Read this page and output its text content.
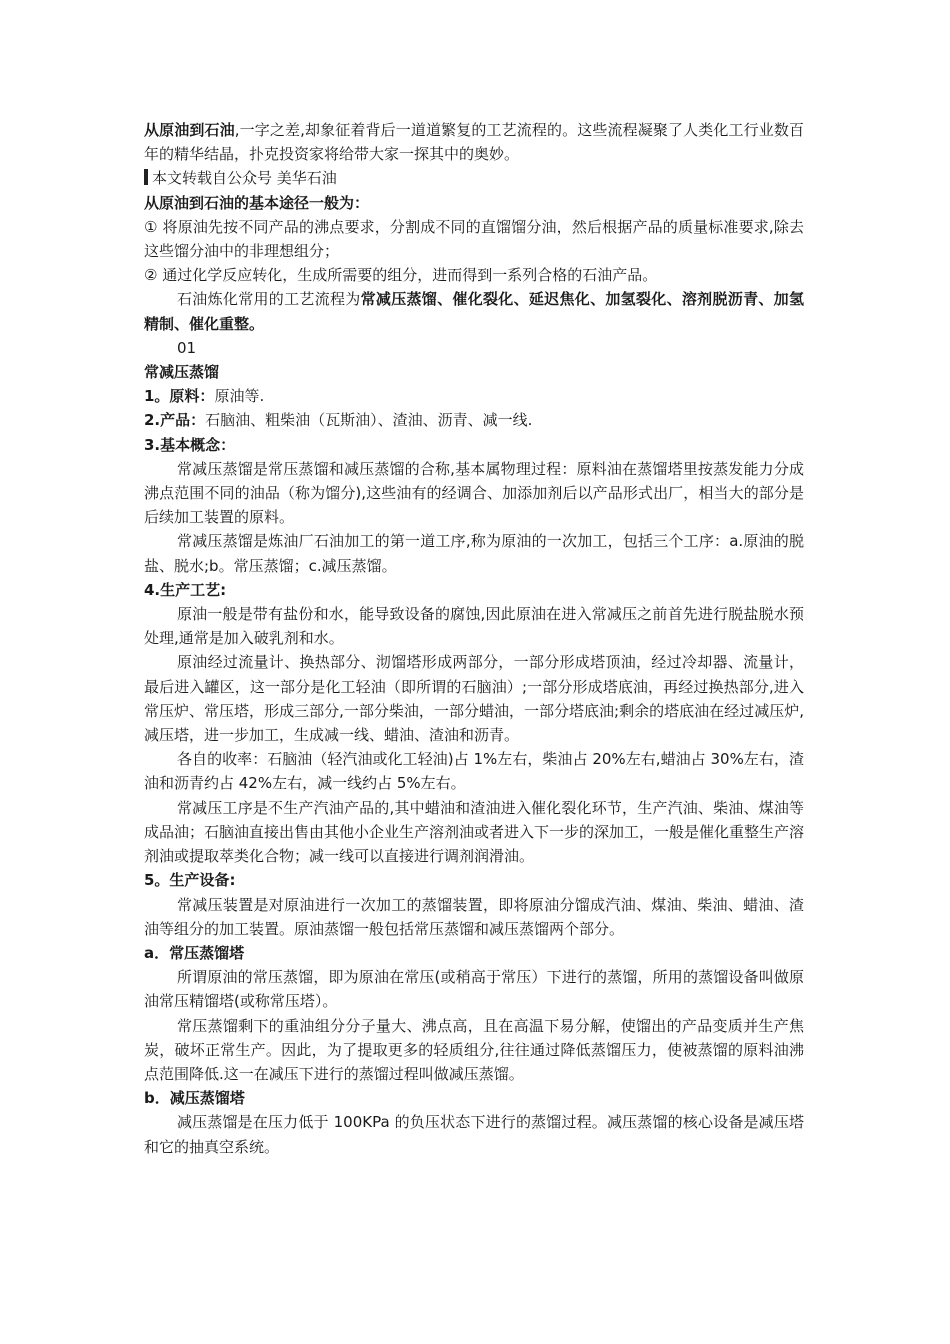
从原油到石油,一字之差,却象征着背后一道道繁复的工艺流程的。这些流程凝聚了人类化工行业数百年的精华结晶，扑克投资家将给带大家一探其中的奥妙。

本文转载自公众号 美华石油

从原油到石油的基本途径一般为：

① 将原油先按不同产品的沸点要求，分割成不同的直馏馏分油，然后根据产品的质量标准要求,除去这些馏分油中的非理想组分；

② 通过化学反应转化，生成所需要的组分，进而得到一系列合格的石油产品。

石油炼化常用的工艺流程为常减压蒸馏、催化裂化、延迟焦化、加氢裂化、溶剂脱沥青、加氢精制、催化重整。

01

常减压蒸馏

1。原料：原油等.

2.产品：石脑油、粗柴油（瓦斯油）、渣油、沥青、减一线.

3.基本概念：

常减压蒸馏是常压蒸馏和减压蒸馏的合称,基本属物理过程：原料油在蒸馏塔里按蒸发能力分成沸点范围不同的油品（称为馏分),这些油有的经调合、加添加剂后以产品形式出厂，相当大的部分是后续加工装置的原料。

常减压蒸馏是炼油厂石油加工的第一道工序,称为原油的一次加工，包括三个工序：a.原油的脱盐、脱水;b。常压蒸馏；c.减压蒸馏。

4.生产工艺:

原油一般是带有盐份和水，能导致设备的腐蚀,因此原油在进入常减压之前首先进行脱盐脱水预处理,通常是加入破乳剂和水。

原油经过流量计、换热部分、沏馏塔形成两部分，一部分形成塔顶油，经过冷却器、流量计，最后进入罐区，这一部分是化工轻油（即所谓的石脑油）;一部分形成塔底油，再经过换热部分,进入常压炉、常压塔，形成三部分,一部分柴油，一部分蜡油，一部分塔底油;剩余的塔底油在经过减压炉,减压塔，进一步加工，生成减一线、蜡油、渣油和沥青。

各自的收率：石脑油（轻汽油或化工轻油)占 1%左右，柴油占 20%左右,蜡油占 30%左右，渣油和沥青约占 42%左右，减一线约占 5%左右。

常减压工序是不生产汽油产品的,其中蜡油和渣油进入催化裂化环节，生产汽油、柴油、煤油等成品油；石脑油直接出售由其他小企业生产溶剂油或者进入下一步的深加工，一般是催化重整生产溶剂油或提取萃类化合物；减一线可以直接进行调剂润滑油。

5。生产设备:

常减压装置是对原油进行一次加工的蒸馏装置，即将原油分馏成汽油、煤油、柴油、蜡油、渣油等组分的加工装置。原油蒸馏一般包括常压蒸馏和减压蒸馏两个部分。

a．常压蒸馏塔

所谓原油的常压蒸馏，即为原油在常压(或稍高于常压）下进行的蒸馏，所用的蒸馏设备叫做原油常压精馏塔(或称常压塔）。

常压蒸馏剩下的重油组分分子量大、沸点高，且在高温下易分解，使馏出的产品变质并生产焦炭，破坏正常生产。因此，为了提取更多的轻质组分,往往通过降低蒸馏压力，使被蒸馏的原料油沸点范围降低.这一在减压下进行的蒸馏过程叫做减压蒸馏。

b．减压蒸馏塔

减压蒸馏是在压力低于 100KPa 的负压状态下进行的蒸馏过程。减压蒸馏的核心设备是减压塔和它的抽真空系统。
